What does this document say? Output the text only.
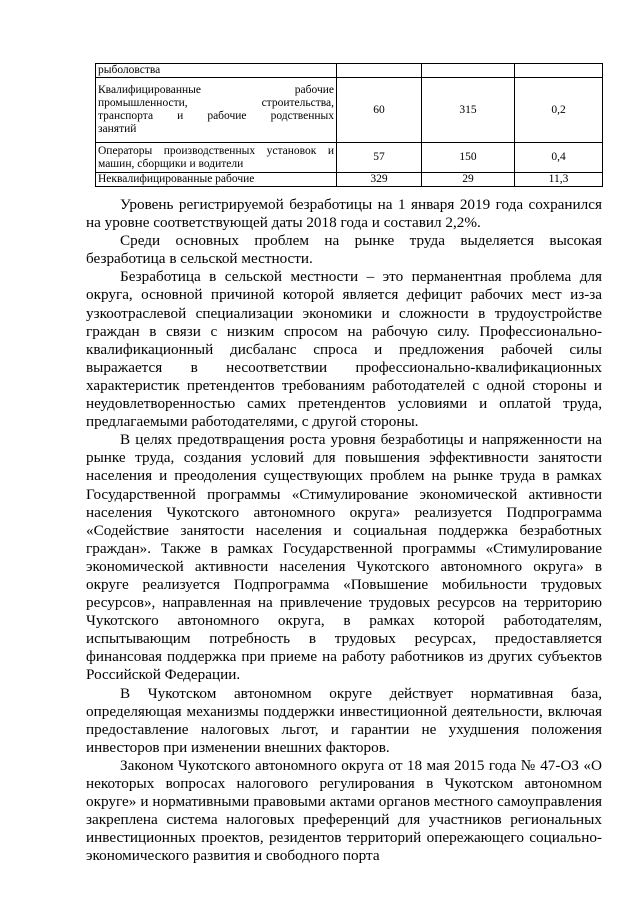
рыболовства			

Квалифицированные рабочие
промышленности, строительства,
транспорта и рабочие родственных
занятий	60	315	0,2

Операторы производственных установок и
машин, сборщики и водители	57	150	0,4
Неквалифицированные рабочие	329	29	11,3

Уровень регистрируемой безработицы на 1 января 2019 года сохранился на уровне соответствующей даты 2018 года и составил 2,2%.

Среди основных проблем на рынке труда выделяется высокая безработица в сельской местности.

Безработица в сельской местности – это перманентная проблема для округа, основной причиной которой является дефицит рабочих мест из-за узкоотраслевой специализации экономики и сложности в трудоустройстве граждан в связи с низким спросом на рабочую силу. Профессионально-квалификационный дисбаланс спроса и предложения рабочей силы выражается в несоответствии профессионально-квалификационных характеристик претендентов требованиям работодателей с одной стороны и неудовлетворенностью самих претендентов условиями и оплатой труда, предлагаемыми работодателями, с другой стороны.

В целях предотвращения роста уровня безработицы и напряженности на рынке труда, создания условий для повышения эффективности занятости населения и преодоления существующих проблем на рынке труда в рамках Государственной программы «Стимулирование экономической активности населения Чукотского автономного округа» реализуется Подпрограмма «Содействие занятости населения и социальная поддержка безработных граждан». Также в рамках Государственной программы «Стимулирование экономической активности населения Чукотского автономного округа» в округе реализуется Подпрограмма «Повышение мобильности трудовых ресурсов», направленная на привлечение трудовых ресурсов на территорию Чукотского автономного округа, в рамках которой работодателям, испытывающим потребность в трудовых ресурсах, предоставляется финансовая поддержка при приеме на работу работников из других субъектов Российской Федерации.

В Чукотском автономном округе действует нормативная база, определяющая механизмы поддержки инвестиционной деятельности, включая предоставление налоговых льгот, и гарантии не ухудшения положения инвесторов при изменении внешних факторов.

Законом Чукотского автономного округа от 18 мая 2015 года № 47-ОЗ «О некоторых вопросах налогового регулирования в Чукотском автономном округе» и нормативными правовыми актами органов местного самоуправления закреплена система налоговых преференций для участников региональных инвестиционных проектов, резидентов территорий опережающего социально-экономического развития и свободного порта
